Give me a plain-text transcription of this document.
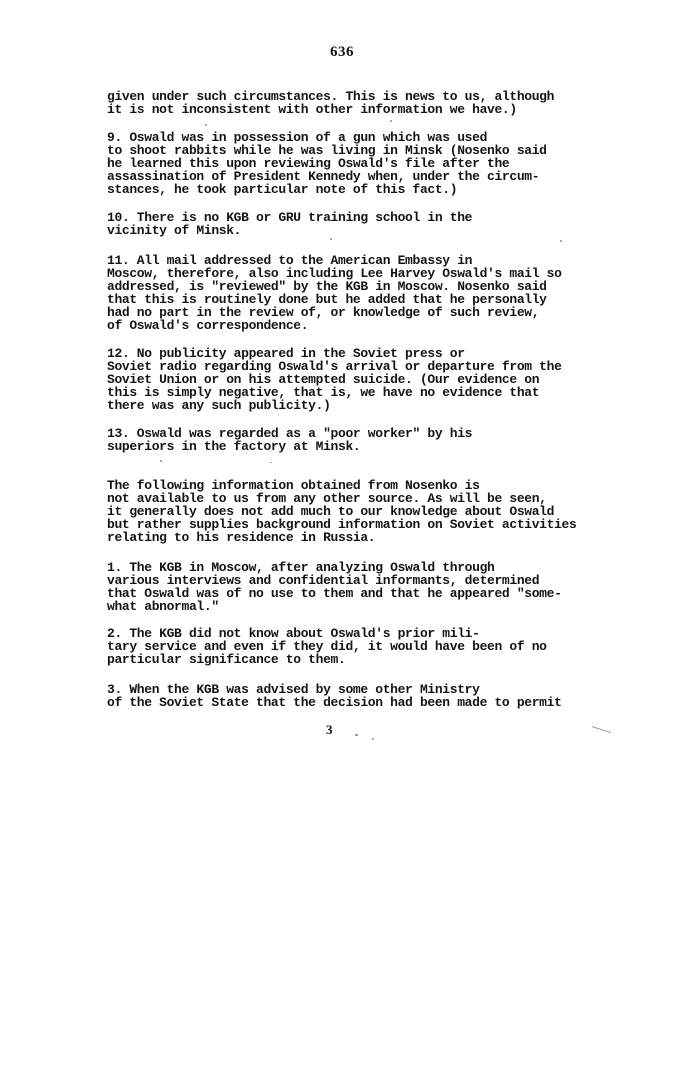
636
given under such circumstances. This is news to us, although
it is not inconsistent with other information we have.)
9. Oswald was in possession of a gun which was used
to shoot rabbits while he was living in Minsk (Nosenko said
he learned this upon reviewing Oswald's file after the
assassination of President Kennedy when, under the circum-
stances, he took particular note of this fact.)
10. There is no KGB or GRU training school in the
vicinity of Minsk.
11. All mail addressed to the American Embassy in
Moscow, therefore, also including Lee Harvey Oswald's mail so
addressed, is "reviewed" by the KGB in Moscow. Nosenko said
that this is routinely done but he added that he personally
had no part in the review of, or knowledge of such review,
of Oswald's correspondence.
12. No publicity appeared in the Soviet press or
Soviet radio regarding Oswald's arrival or departure from the
Soviet Union or on his attempted suicide. (Our evidence on
this is simply negative, that is, we have no evidence that
there was any such publicity.)
13. Oswald was regarded as a "poor worker" by his
superiors in the factory at Minsk.
The following information obtained from Nosenko is
not available to us from any other source. As will be seen,
it generally does not add much to our knowledge about Oswald
but rather supplies background information on Soviet activities
relating to his residence in Russia.
1. The KGB in Moscow, after analyzing Oswald through
various interviews and confidential informants, determined
that Oswald was of no use to them and that he appeared "some-
what abnormal."
2. The KGB did not know about Oswald's prior mili-
tary service and even if they did, it would have been of no
particular significance to them.
3. When the KGB was advised by some other Ministry
of the Soviet State that the decision had been made to permit
3
